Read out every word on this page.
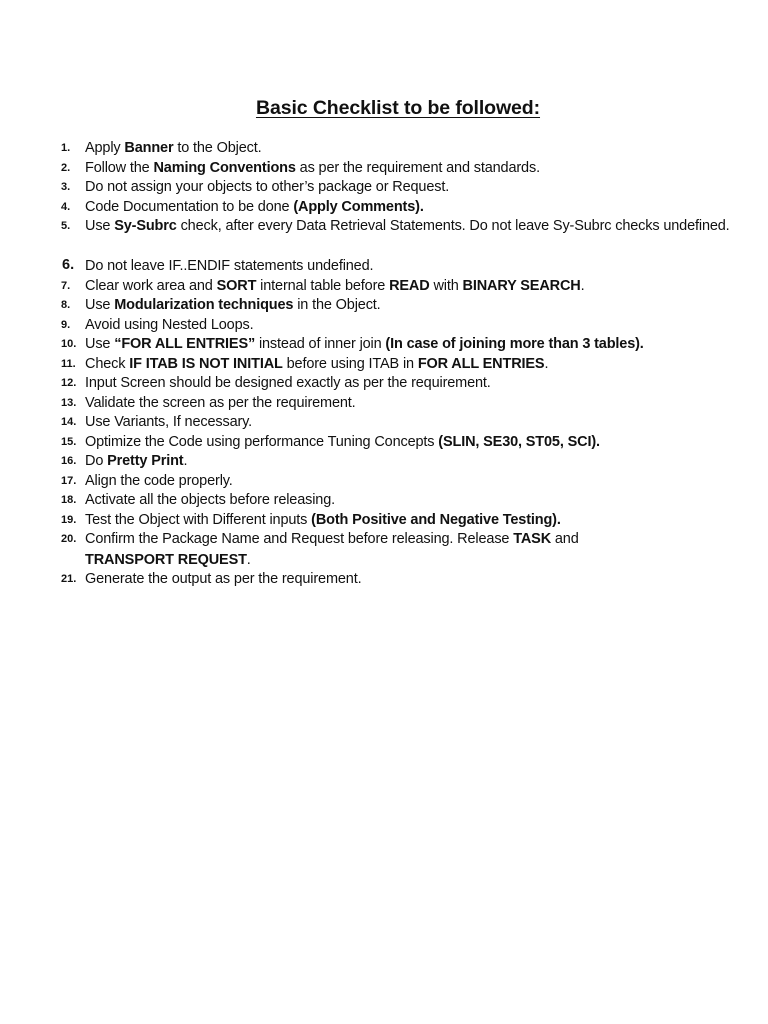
Basic Checklist to be followed:
1. Apply Banner to the Object.
2. Follow the Naming Conventions as per the requirement and standards.
3. Do not assign your objects to other’s package or Request.
4. Code Documentation to be done (Apply Comments).
5. Use Sy-Subrc check, after every Data Retrieval Statements. Do not leave Sy-Subrc checks undefined.
6. Do not leave IF..ENDIF statements undefined.
7. Clear work area and SORT internal table before READ with BINARY SEARCH.
8. Use Modularization techniques in the Object.
9. Avoid using Nested Loops.
10. Use “FOR ALL ENTRIES” instead of inner join (In case of joining more than 3 tables).
11. Check IF ITAB IS NOT INITIAL before using ITAB in FOR ALL ENTRIES.
12. Input Screen should be designed exactly as per the requirement.
13. Validate the screen as per the requirement.
14. Use Variants, If necessary.
15. Optimize the Code using performance Tuning Concepts (SLIN, SE30, ST05, SCI).
16. Do Pretty Print.
17. Align the code properly.
18. Activate all the objects before releasing.
19. Test the Object with Different inputs (Both Positive and Negative Testing).
20. Confirm the Package Name and Request before releasing. Release TASK and
TRANSPORT REQUEST.
21. Generate the output as per the requirement.
